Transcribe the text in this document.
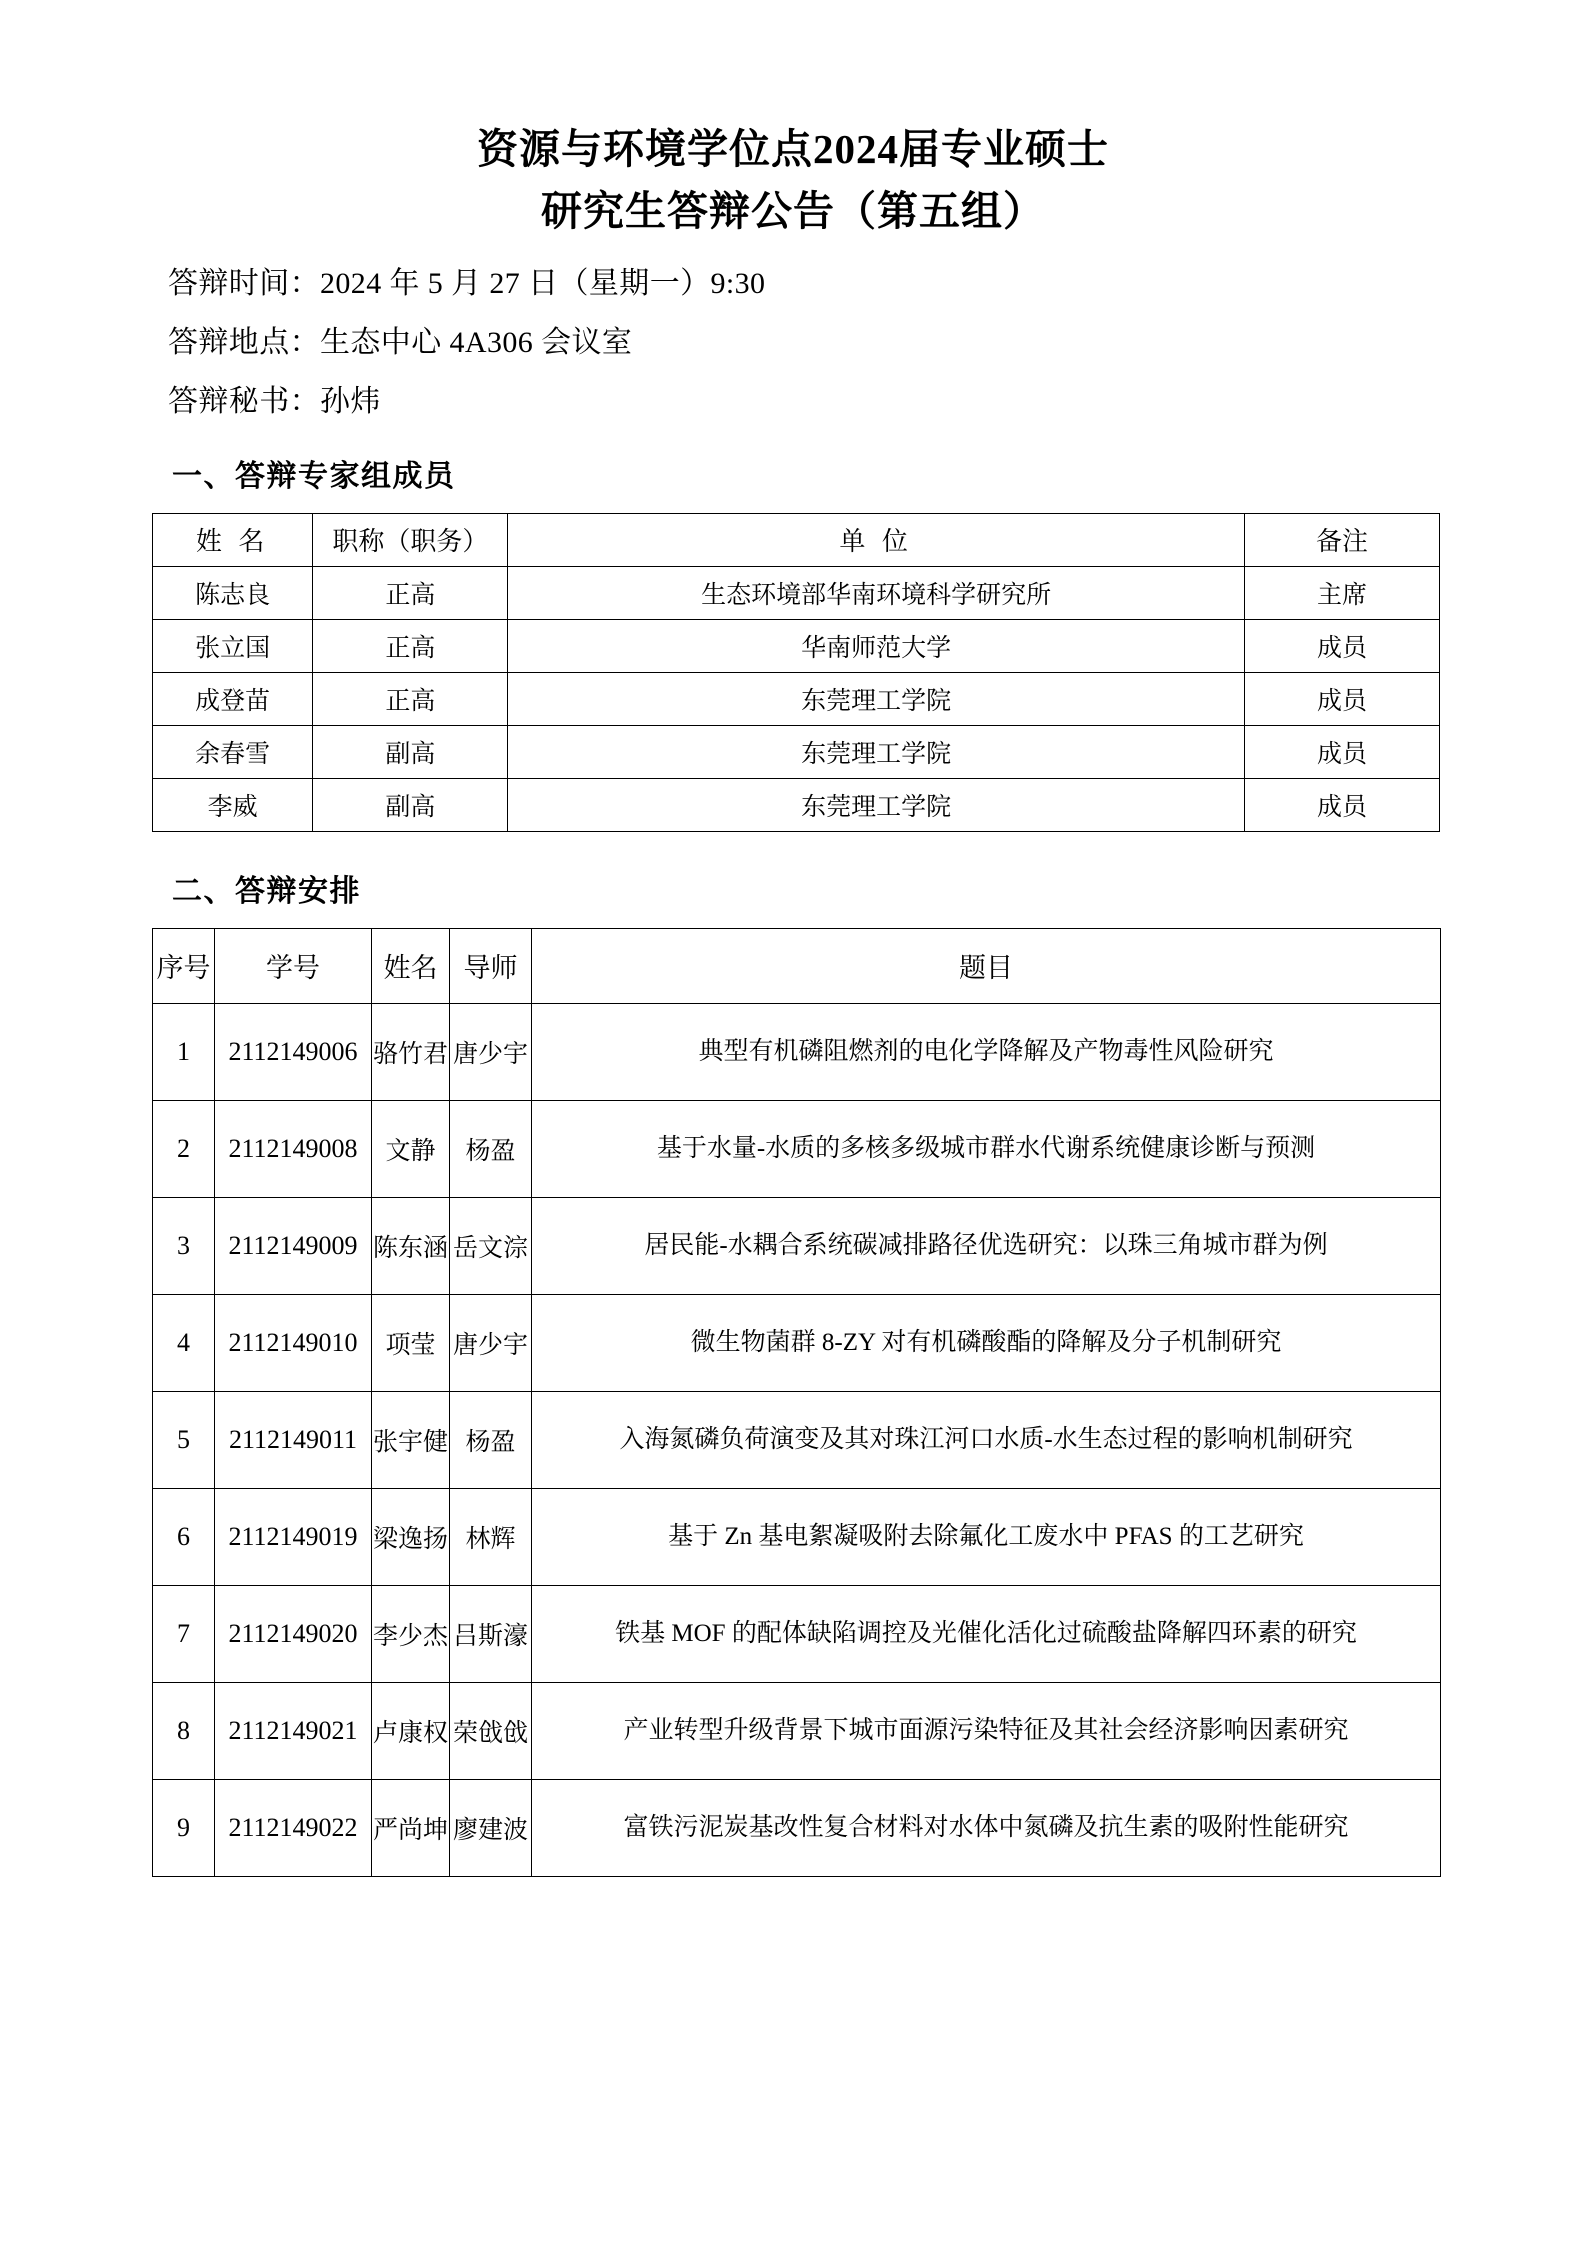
资源与环境学位点2024届专业硕士
研究生答辩公告（第五组）
答辩时间：2024 年 5 月 27 日（星期一）9:30
答辩地点：生态中心 4A306 会议室
答辩秘书：孙炜
一、答辩专家组成员
姓 名	职称（职务）	单 位	备注
陈志良	正高	生态环境部华南环境科学研究所	主席
张立国	正高	华南师范大学	成员
成登苗	正高	东莞理工学院	成员
余春雪	副高	东莞理工学院	成员
李威	副高	东莞理工学院	成员
二、答辩安排
序号	学号	姓名	导师	题目
1	2112149006	骆竹君	唐少宇	典型有机磷阻燃剂的电化学降解及产物毒性风险研究
2	2112149008	文静	杨盈	基于水量-水质的多核多级城市群水代谢系统健康诊断与预测
3	2112149009	陈东涵	岳文淙	居民能-水耦合系统碳减排路径优选研究：以珠三角城市群为例
4	2112149010	项莹	唐少宇	微生物菌群 8-ZY 对有机磷酸酯的降解及分子机制研究
5	2112149011	张宇健	杨盈	入海氮磷负荷演变及其对珠江河口水质-水生态过程的影响机制研究
6	2112149019	梁逸扬	林辉	基于 Zn 基电絮凝吸附去除氟化工废水中 PFAS 的工艺研究
7	2112149020	李少杰	吕斯濠	铁基 MOF 的配体缺陷调控及光催化活化过硫酸盐降解四环素的研究
8	2112149021	卢康权	荣戗戗	产业转型升级背景下城市面源污染特征及其社会经济影响因素研究
9	2112149022	严尚坤	廖建波	富铁污泥炭基改性复合材料对水体中氮磷及抗生素的吸附性能研究
